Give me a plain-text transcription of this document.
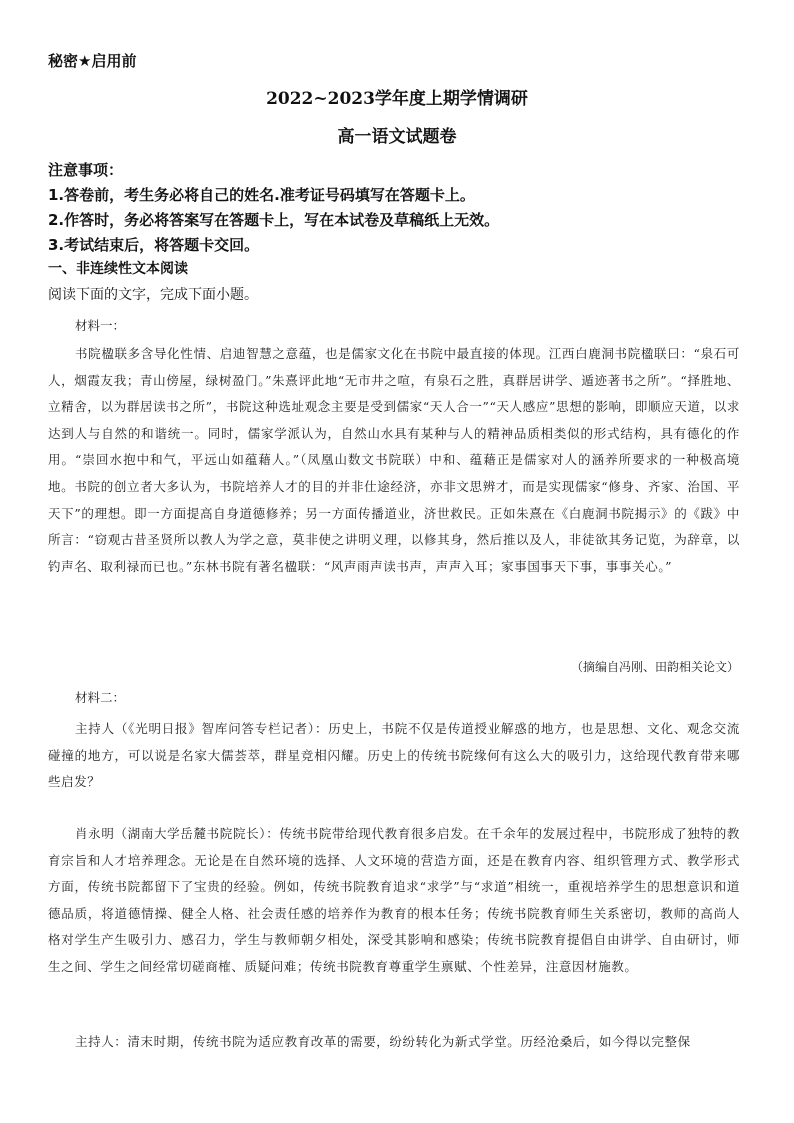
秘密★启用前
2022~2023学年度上期学情调研
高一语文试题卷
注意事项：
1.答卷前，考生务必将自己的姓名.准考证号码填写在答题卡上。
2.作答时，务必将答案写在答题卡上，写在本试卷及草稿纸上无效。
3.考试结束后，将答题卡交回。
一、非连续性文本阅读
阅读下面的文字，完成下面小题。
材料一：
书院楹联多含导化性情、启迪智慧之意蕴，也是儒家文化在书院中最直接的体现。江西白鹿洞书院楹联曰：“泉石可人，烟霞友我；青山傍屋，绿树盈门。”朱熹评此地“无市井之喧，有泉石之胜，真群居讲学、遁迹著书之所”。“择胜地、立精舍，以为群居读书之所”，书院这种选址观念主要是受到儒家“天人合一”“天人感应”思想的影响，即顺应天道，以求达到人与自然的和谐统一。同时，儒家学派认为，自然山水具有某种与人的精神品质相类似的形式结构，具有德化的作用。“崇回水抱中和气，平远山如蕴藉人。”（凤凰山数文书院联）中和、蕴藉正是儒家对人的涵养所要求的一种极高境地。书院的创立者大多认为，书院培养人才的目的并非仕途经济，亦非文思辨才，而是实现儒家“修身、齐家、治国、平天下”的理想。即一方面提高自身道德修养；另一方面传播道业，济世救民。正如朱熹在《白鹿洞书院揭示》的《跋》中所言：“窃观古昔圣贤所以教人为学之意，莫非使之讲明义理，以修其身，然后推以及人，非徒欲其务记览，为辞章，以钓声名、取利禄而已也。”东林书院有著名楹联：“风声雨声读书声，声声入耳；家事国事天下事，事事关心。”
（摘编自冯刚、田韵相关论文）
材料二：
主持人（《光明日报》智库问答专栏记者）：历史上，书院不仅是传道授业解惑的地方，也是思想、文化、观念交流碰撞的地方，可以说是名家大儒荟萃，群星竞相闪耀。历史上的传统书院缘何有这么大的吸引力，这给现代教育带来哪些启发？
肖永明（湖南大学岳麓书院院长）：传统书院带给现代教育很多启发。在千余年的发展过程中，书院形成了独特的教育宗旨和人才培养理念。无论是在自然环境的选择、人文环境的营造方面，还是在教育内容、组织管理方式、教学形式方面，传统书院都留下了宝贵的经验。例如，传统书院教育追求“求学”与“求道”相统一，重视培养学生的思想意识和道德品质，将道德情操、健全人格、社会责任感的培养作为教育的根本任务；传统书院教育师生关系密切，教师的高尚人格对学生产生吸引力、感召力，学生与教师朝夕相处，深受其影响和感染；传统书院教育提倡自由讲学、自由研讨，师生之间、学生之间经常切磋商榷、质疑问难；传统书院教育尊重学生禀赋、个性差异，注意因材施教。
主持人：清末时期，传统书院为适应教育改革的需要，纷纷转化为新式学堂。历经沧桑后，如今得以完整保
